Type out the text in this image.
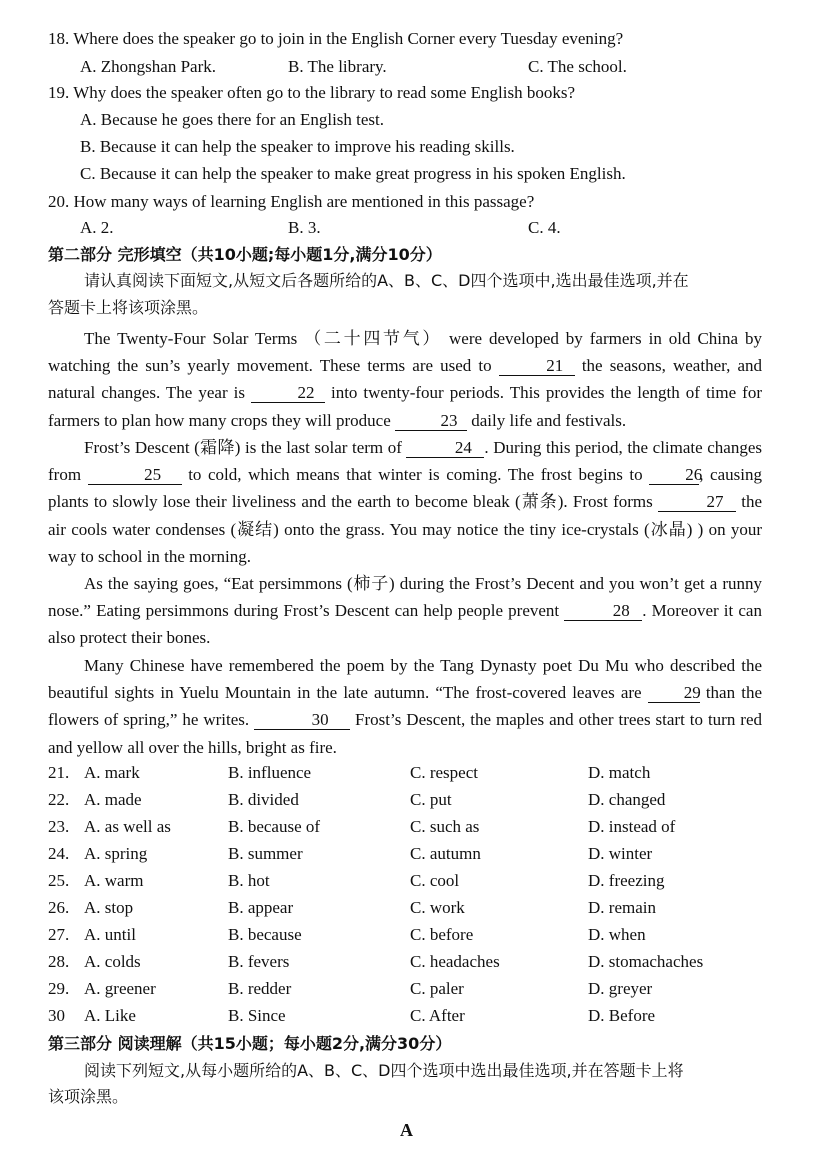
18. Where does the speaker go to join in the English Corner every Tuesday evening?
A. Zhongshan Park.	B. The library.	C. The school.
19. Why does the speaker often go to the library to read some English books?
A. Because he goes there for an English test.
B. Because it can help the speaker to improve his reading skills.
C. Because it can help the speaker to make great progress in his spoken English.
20. How many ways of learning English are mentioned in this passage?
A. 2.	B. 3.	C. 4.
第二部分 完形填空（共10小题;每小题1分,满分10分）
请认真阅读下面短文,从短文后各题所给的A、B、C、D四个选项中,选出最佳选项,并在
答题卡上将该项涂黑。
The Twenty-Four Solar Terms （二十四节气） were developed by farmers in old China by watching the sun’s yearly movement. These terms are used to	21 the seasons, weather, and natural changes. The year is	22 into twenty-four periods. This provides the length of time for farmers to plan how many crops they will produce	23 daily life and festivals.
Frost’s Descent (霜降) is the last solar term of	24 . During this period, the climate changes from	25 to cold, which means that winter is coming. The frost begins to 26, causing plants to slowly lose their liveliness and the earth to become bleak (萧条). Frost forms	27 the air cools water condenses (凝结) onto the grass. You may notice the tiny ice-crystals (冰晶) ) on your way to school in the morning.
As the saying goes, “Eat persimmons (柿子) during the Frost’s Decent and you won’t get a runny nose.” Eating persimmons during Frost’s Descent can help people prevent	28 . Moreover it can also protect their bones.
Many Chinese have remembered the poem by the Tang Dynasty poet Du Mu who described the beautiful sights in Yuelu Mountain in the late autumn. “The frost-covered leaves are 29 than the flowers of spring,” he writes.	30 Frost’s Descent, the maples and other trees start to turn red and yellow all over the hills, bright as fire.
21. A. mark	B. influence	C. respect	D. match
22. A. made	B. divided	C. put	D. changed
23. A. as well as	B. because of	C. such as	D. instead of
24. A. spring	B. summer	C. autumn	D. winter
25. A. warm	B. hot	C. cool	D. freezing
26. A. stop	B. appear	C. work	D. remain
27. A. until	B. because	C. before	D. when
28. A. colds	B. fevers	C. headaches	D. stomachaches
29. A. greener	B. redder	C. paler	D. greyer
30 A. Like	B. Since	C. After	D. Before
第三部分 阅读理解（共15小题；每小题2分,满分30分）
阅读下列短文,从每小题所给的A、B、C、D四个选项中选出最佳选项,并在答题卡上将
该项涂黑。
A
